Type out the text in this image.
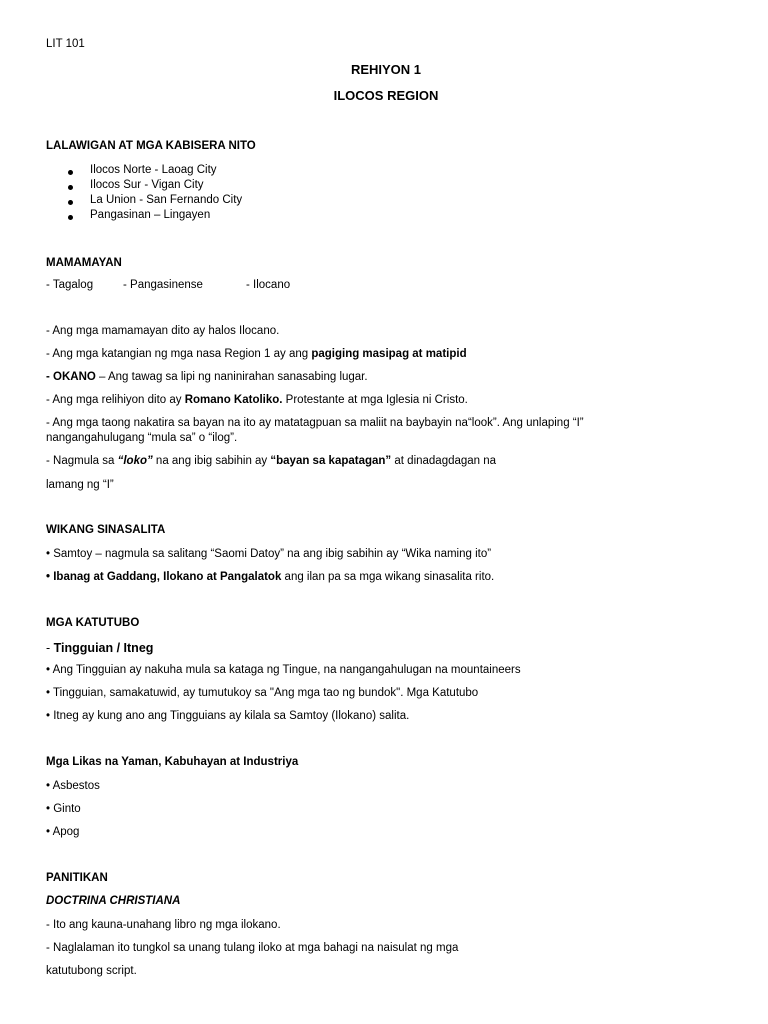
LIT 101
REHIYON 1
ILOCOS REGION
LALAWIGAN AT MGA KABISERA NITO
Ilocos Norte - Laoag City
Ilocos Sur - Vigan City
La Union - San Fernando City
Pangasinan – Lingayen
MAMAMAYAN
- Tagalog	- Pangasinense	- Ilocano
- Ang mga mamamayan dito ay halos Ilocano.
- Ang mga katangian ng mga nasa Region 1 ay ang pagiging masipag at matipid
- OKANO – Ang tawag sa lipi ng naninirahan sanasabing lugar.
- Ang mga relihiyon dito ay Romano Katoliko. Protestante at mga Iglesia ni Cristo.
- Ang mga taong nakatira sa bayan na ito ay matatagpuan sa maliit na baybayin na“look”. Ang unlaping “I”
nangangahulugang “mula sa” o “ilog”.
- Nagmula sa “loko” na ang ibig sabihin ay “bayan sa kapatagan” at dinadagdagan na
lamang ng “I”
WIKANG SINASALITA
• Samtoy – nagmula sa salitang “Saomi Datoy” na ang ibig sabihin ay “Wika naming ito”
• Ibanag at Gaddang, Ilokano at Pangalatok ang ilan pa sa mga wikang sinasalita rito.
MGA KATUTUBO
- Tingguian / Itneg
• Ang Tingguian ay nakuha mula sa kataga ng Tingue, na nangangahulugan na mountaineers
• Tingguian, samakatuwid, ay tumutukoy sa "Ang mga tao ng bundok". Mga Katutubo
• Itneg ay kung ano ang Tingguians ay kilala sa Samtoy (Ilokano) salita.
Mga Likas na Yaman, Kabuhayan at Industriya
• Asbestos
• Ginto
• Apog
PANITIKAN
DOCTRINA CHRISTIANA
- Ito ang kauna-unahang libro ng mga ilokano.
- Naglalaman ito tungkol sa unang tulang iloko at mga bahagi na naisulat ng mga
katutubong script.
